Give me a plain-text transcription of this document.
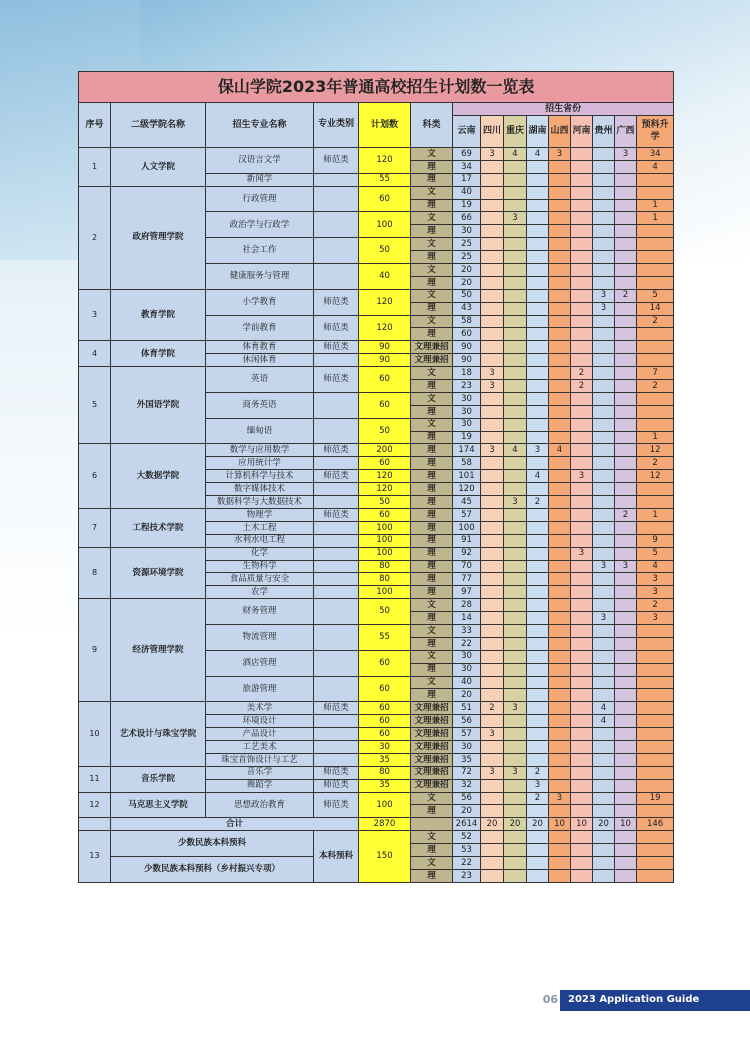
保山学院2023年普通高校招生计划数一览表														
序号	二级学院名称	招生专业名称	专业类别	计划数	科类	招生省份								
						云南	四川	重庆	湖南	山西	河南	贵州	广西	预科升学
1	人文学院	汉语言文学	师范类	120	文	69	3	4	4	3			3	34
					理	34								4
		新闻学		55	理	17								
2	政府管理学院	行政管理		60	文	40								
					理	19								1
		政治学与行政学		100	文	66		3						1
					理	30								
		社会工作		50	文	25								
					理	25								
		健康服务与管理		40	文	20								
					理	20								
3	教育学院	小学教育	师范类	120	文	50						3	2	5
					理	43						3		14
		学前教育	师范类	120	文	58								2
					理	60								
4	体育学院	体育教育	师范类	90	文理兼招	90								
		休闲体育		90	文理兼招	90								
5	外国语学院	英语	师范类	60	文	18	3				2			7
					理	23	3				2			2
		商务英语		60	文	30								
					理	30								
		缅甸语		50	文	30								
					理	19								1
6	大数据学院	数学与应用数学	师范类	200	理	174	3	4	3	4				12
		应用统计学		60	理	58								2
		计算机科学与技术	师范类	120	理	101			4		3			12
		数字媒体技术		120	理	120								
		数据科学与大数据技术		50	理	45		3	2					
7	工程技术学院	物理学	师范类	60	理	57							2	1
		土木工程		100	理	100								
		水利水电工程		100	理	91								9
8	资源环境学院	化学		100	理	92					3			5
		生物科学		80	理	70						3	3	4
		食品质量与安全		80	理	77								3
		农学		100	理	97								3
9	经济管理学院	财务管理		50	文	28								2
					理	14						3		3
		物流管理		55	文	33								
					理	22								
		酒店管理		60	文	30								
					理	30								
		旅游管理		60	文	40								
					理	20								
10	艺术设计与珠宝学院	美术学	师范类	60	文理兼招	51	2	3				4		
		环境设计		60	文理兼招	56						4		
		产品设计		60	文理兼招	57	3							
		工艺美术		30	文理兼招	30								
		珠宝首饰设计与工艺		35	文理兼招	35								
11	音乐学院	音乐学	师范类	80	文理兼招	72	3	3	2					
		舞蹈学	师范类	35	文理兼招	32			3					
12	马克思主义学院	思想政治教育	师范类	100	文	56			2	3				19
					理	20								
	合计			2870		2614	20	20	20	10	10	20	10	146
13	少数民族本科预科		本科预科	150	文	52								
					理	53								
	少数民族本科预科（乡村振兴专项）				文	22								
					理	23								
06	2023 Application Guide
